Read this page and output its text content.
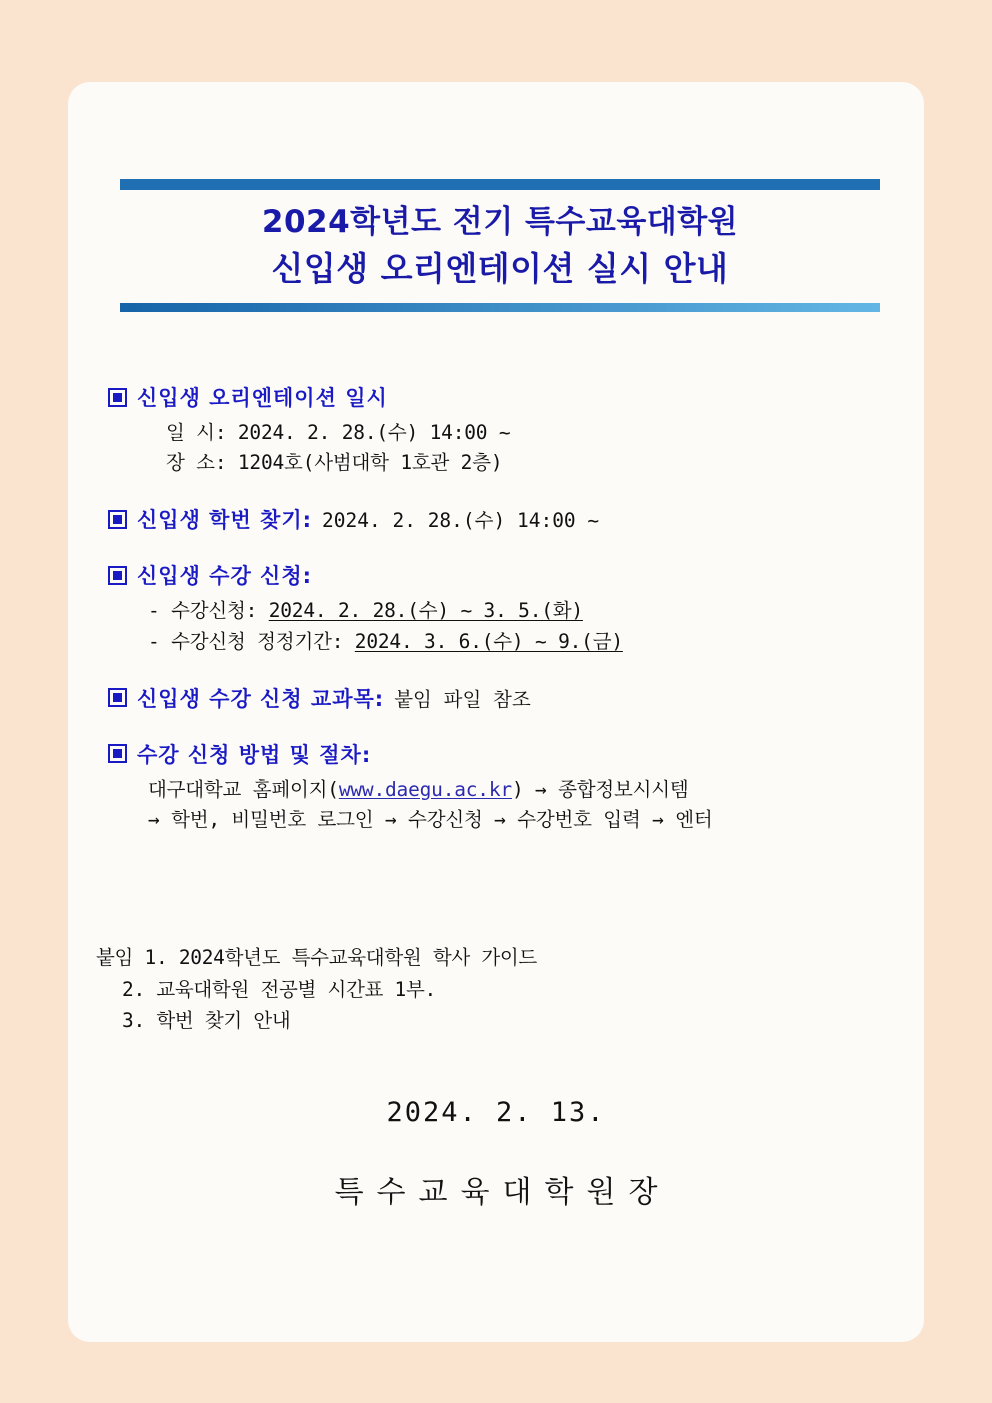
2024학년도 전기 특수교육대학원
신입생 오리엔테이션 실시 안내
신입생 오리엔테이션 일시
일 시: 2024. 2. 28.(수) 14:00 ~
장 소: 1204호(사범대학 1호관 2층)
신입생 학번 찾기: 2024. 2. 28.(수) 14:00 ~
신입생 수강 신청:
- 수강신청: 2024. 2. 28.(수) ~ 3. 5.(화)
- 수강신청 정정기간: 2024. 3. 6.(수) ~ 9.(금)
신입생 수강 신청 교과목: 붙임 파일 참조
수강 신청 방법 및 절차:
대구대학교 홈페이지(www.daegu.ac.kr) → 종합정보시시템
→ 학번, 비밀번호 로그인 → 수강신청 → 수강번호 입력 → 엔터
붙임 1. 2024학년도 특수교육대학원 학사 가이드
2. 교육대학원 전공별 시간표 1부.
3. 학번 찾기 안내
2024. 2. 13.
특수교육대학원장
